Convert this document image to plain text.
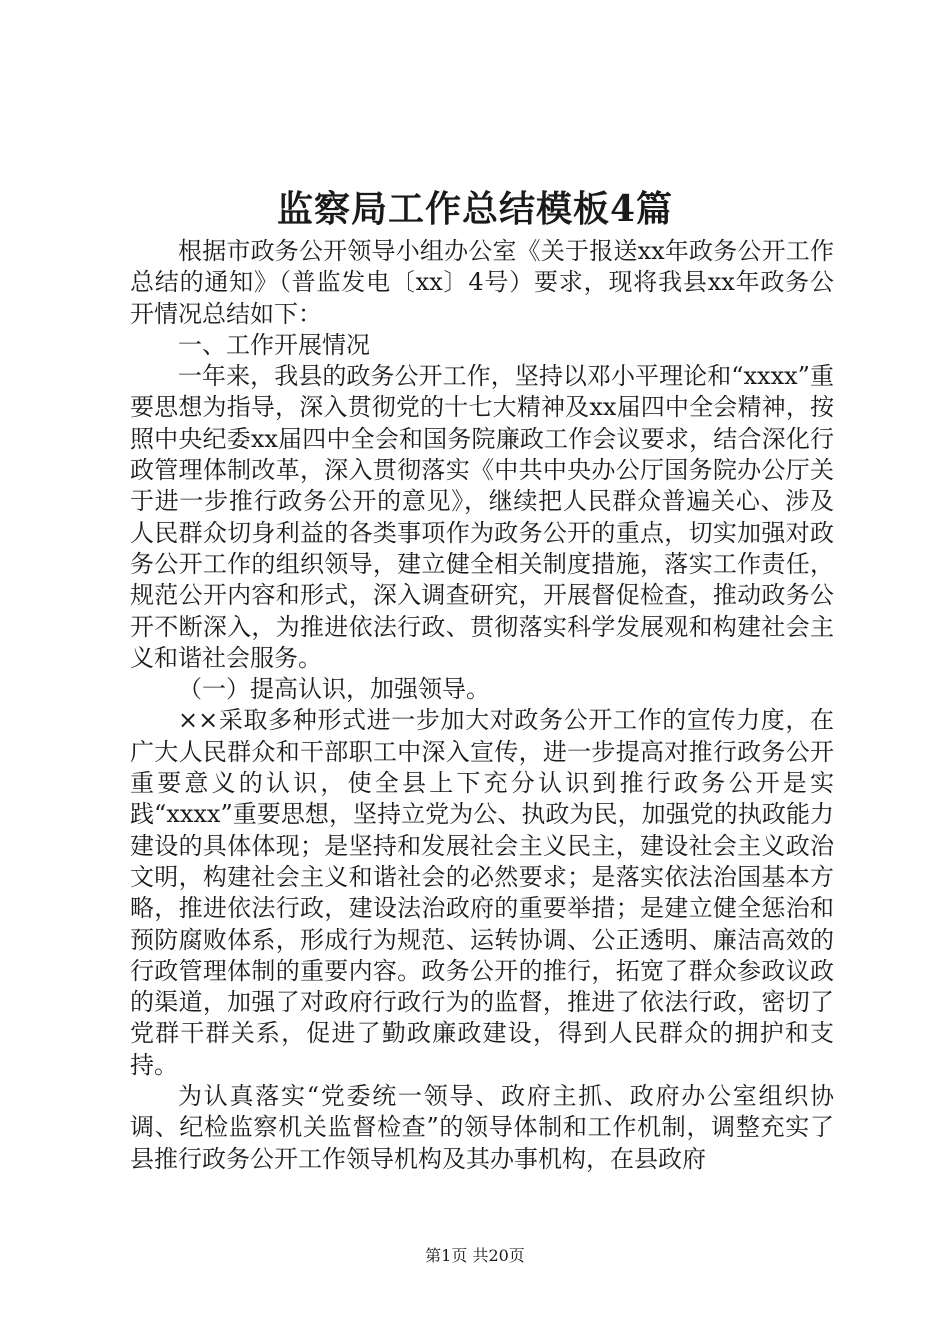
监察局工作总结模板4篇

根据市政务公开领导小组办公室《关于报送xx年政务公开工作总结的通知》（普监发电〔xx〕4号）要求，现将我县xx年政务公开情况总结如下：

一、工作开展情况

一年来，我县的政务公开工作，坚持以邓小平理论和“xxxx”重要思想为指导，深入贯彻党的十七大精神及xx届四中全会精神，按照中央纪委xx届四中全会和国务院廉政工作会议要求，结合深化行政管理体制改革，深入贯彻落实《中共中央办公厅国务院办公厅关于进一步推行政务公开的意见》，继续把人民群众普遍关心、涉及人民群众切身利益的各类事项作为政务公开的重点，切实加强对政务公开工作的组织领导，建立健全相关制度措施，落实工作责任，规范公开内容和形式，深入调查研究，开展督促检查，推动政务公开不断深入，为推进依法行政、贯彻落实科学发展观和构建社会主义和谐社会服务。

（一）提高认识，加强领导。

××采取多种形式进一步加大对政务公开工作的宣传力度，在广大人民群众和干部职工中深入宣传，进一步提高对推行政务公开重要意义的认识，使全县上下充分认识到推行政务公开是实践“xxxx”重要思想，坚持立党为公、执政为民，加强党的执政能力建设的具体体现；是坚持和发展社会主义民主，建设社会主义政治文明，构建社会主义和谐社会的必然要求；是落实依法治国基本方略，推进依法行政，建设法治政府的重要举措；是建立健全惩治和预防腐败体系，形成行为规范、运转协调、公正透明、廉洁高效的行政管理体制的重要内容。政务公开的推行，拓宽了群众参政议政的渠道，加强了对政府行政行为的监督，推进了依法行政，密切了党群干群关系，促进了勤政廉政建设，得到人民群众的拥护和支持。

为认真落实“党委统一领导、政府主抓、政府办公室组织协调、纪检监察机关监督检查”的领导体制和工作机制，调整充实了县推行政务公开工作领导机构及其办事机构，在县政府

第1页 共20页
